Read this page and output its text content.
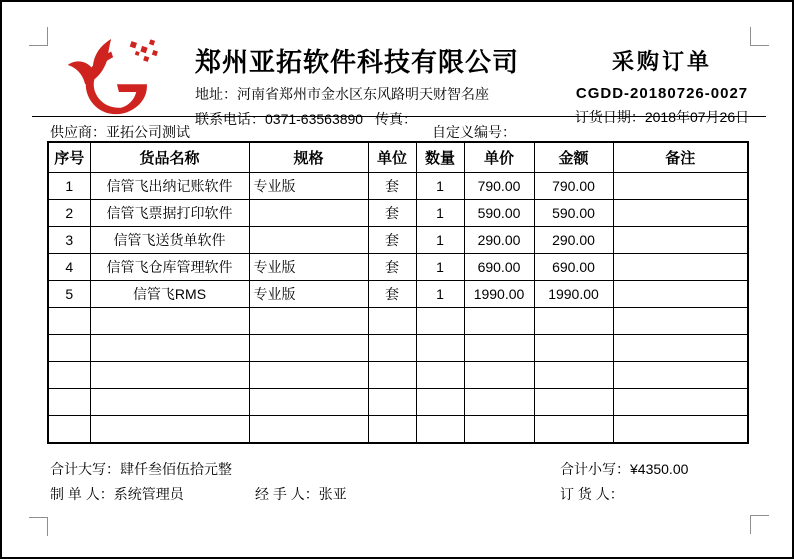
郑州亚拓软件科技有限公司
地址：河南省郑州市金水区东风路明天财智名座
联系电话：0371-63563890 传真：
采购订单
CGDD-20180726-0027
订货日期：2018年07月26日
供应商：亚拓公司测试	自定义编号：
序号	货品名称	规格	单位	数量	单价	金额	备注
1	信管飞出纳记账软件	专业版	套	1	790.00	790.00	
2	信管飞票据打印软件		套	1	590.00	590.00	
3	信管飞送货单软件		套	1	290.00	290.00	
4	信管飞仓库管理软件	专业版	套	1	690.00	690.00	
5	信管飞RMS	专业版	套	1	1990.00	1990.00	

合计大写：肆仟叁佰伍拾元整	合计小写：¥4350.00
制 单 人：系统管理员	经 手 人：张亚	订 货 人：
